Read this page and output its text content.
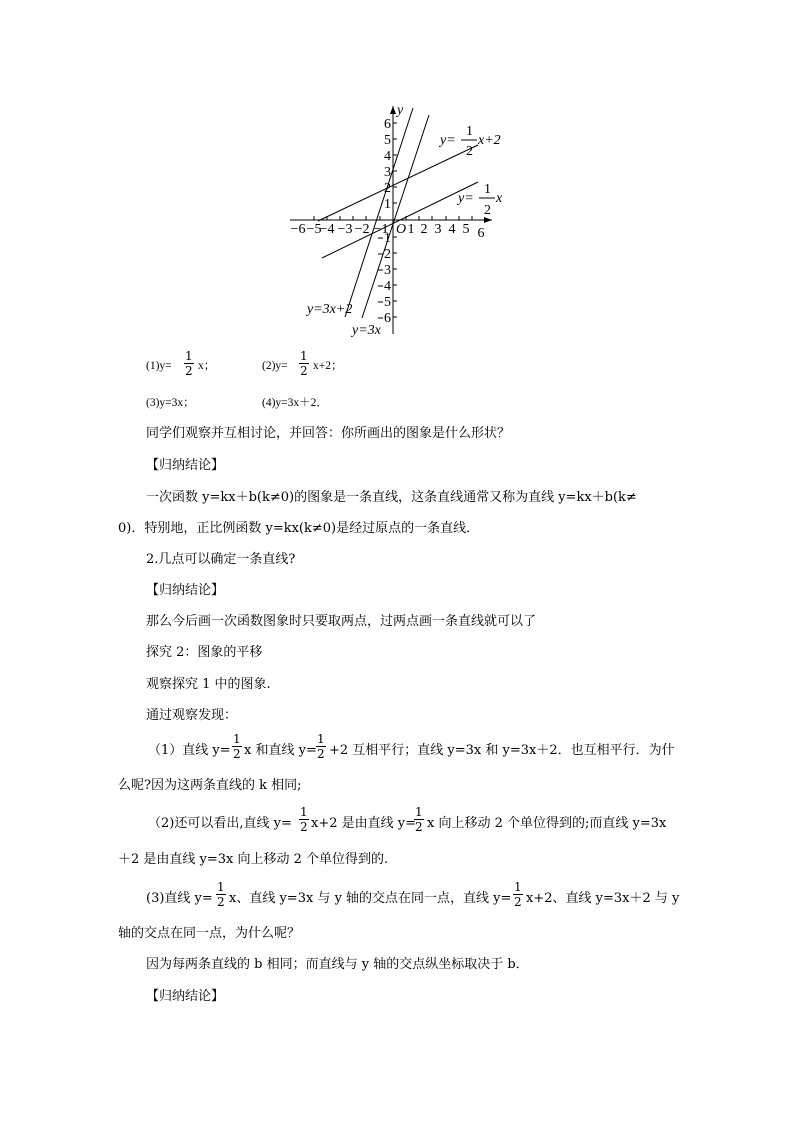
−6 −5
−4 −3 −2 −1 1 2 3 4 5 6
O
y
6
5
4
3
2
1
1
2
3
4
5
6
y=
1
2
x+2
y=
1
2
x
y=3x+2
y=3x
$(1)y= \frac{1}{2}$ x；	$(2)y= \frac{1}{2} x+2$；
(3)y=3x；	(4)y=3x＋2．
同学们观察并互相讨论，并回答：你所画出的图象是什么形状？
【归纳结论】
一次函数 y=kx＋b(k≠0)的图象是一条直线，这条直线通常又称为直线 y=kx＋b(k≠
0)．特别地，正比例函数 y=kx(k≠0)是经过原点的一条直线．
2.几点可以确定一条直线?
【归纳结论】
那么今后画一次函数图象时只要取两点，过两点画一条直线就可以了
探究 2：图象的平移
观察探究 1 中的图象.
通过观察发现：
（1）直线 $y= \frac{1}{2}$ x 和直线 $y= \frac{1}{2} +2$ 互相平行；直线 y=3x 和 y=3x＋2．也互相平行．为什
么呢?因为这两条直线的 k 相同;
（2)还可以看出,直线 $y= \frac{1}{2} x+2$ 是由直线 y=
$\frac{1}{2}$ x 向上移动 2 个单位得到的;而直线 y=3x
＋2 是由直线 y=3x 向上移动 2 个单位得到的.
(3)直线 $y= \frac{1}{2}$ x、直线 y=3x 与 y 轴的交点在同一点，直线 $y= \frac{1}{2} x+2$、直线 y=3x＋2 与 y
轴的交点在同一点，为什么呢？
因为每两条直线的 b 相同；而直线与 y 轴的交点纵坐标取决于 b．
【归纳结论】
